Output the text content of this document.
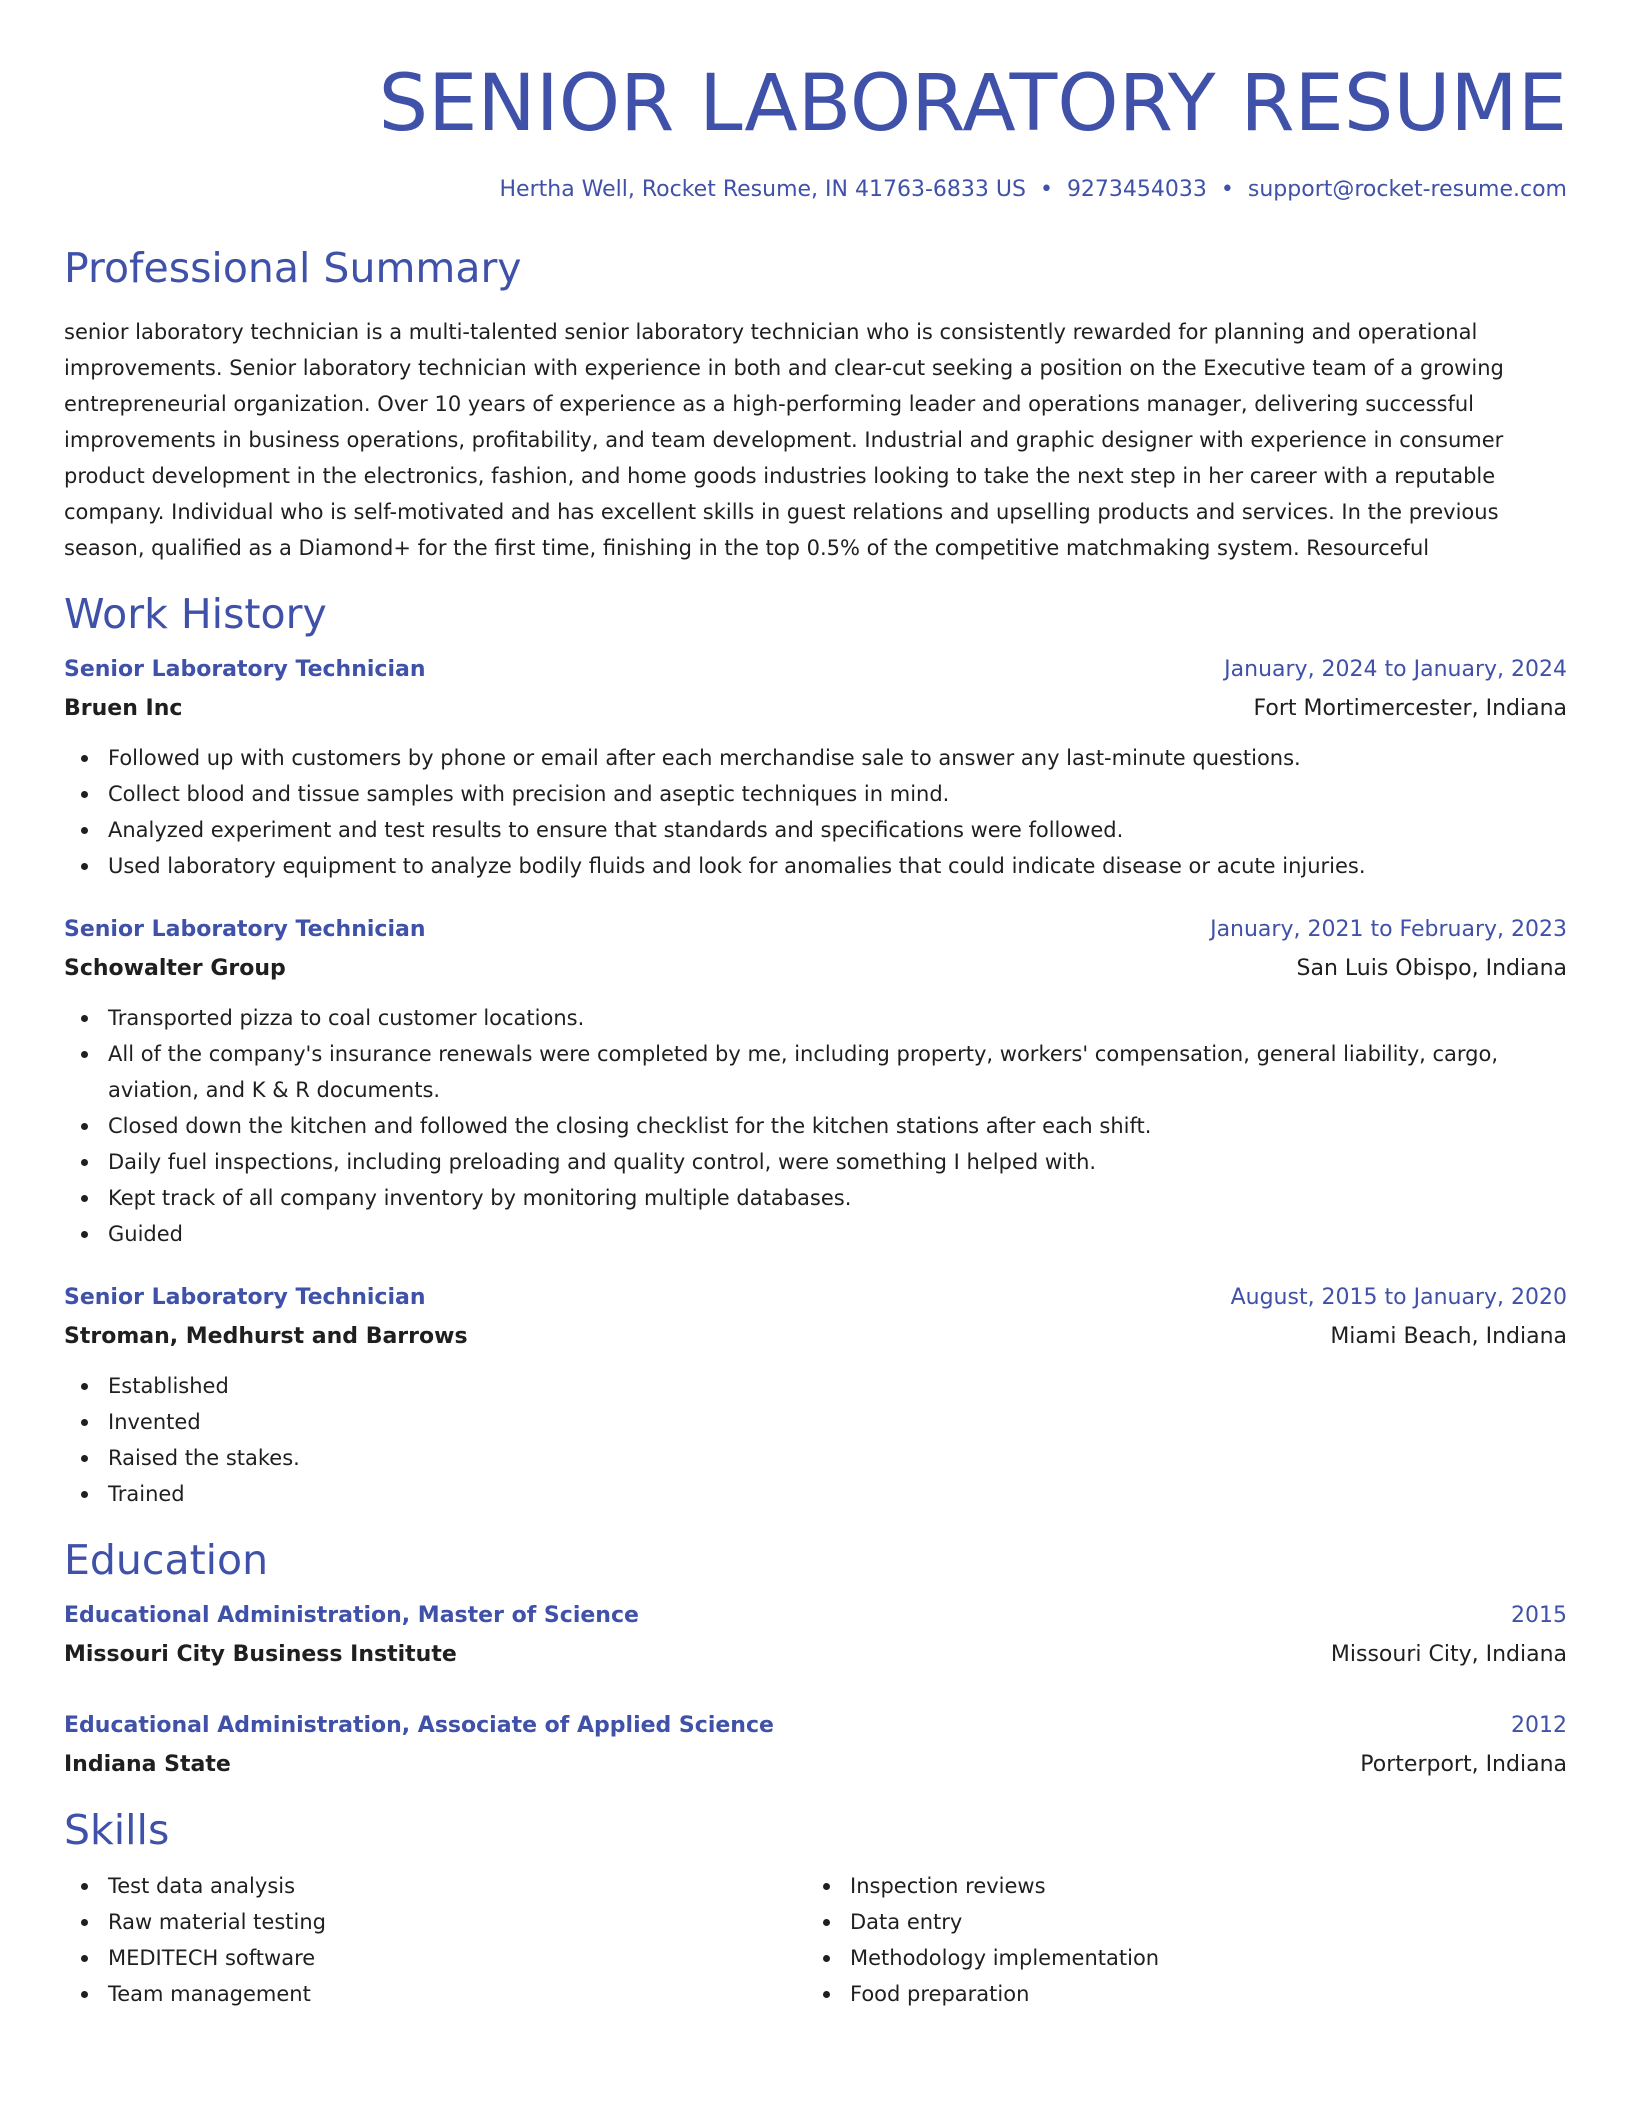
SENIOR LABORATORY RESUME
Hertha Well, Rocket Resume, IN 41763-6833 US • 9273454033 • support@rocket-resume.com
Professional Summary
senior laboratory technician is a multi-talented senior laboratory technician who is consistently rewarded for planning and operational improvements. Senior laboratory technician with experience in both and clear-cut seeking a position on the Executive team of a growing entrepreneurial organization. Over 10 years of experience as a high-performing leader and operations manager, delivering successful improvements in business operations, profitability, and team development. Industrial and graphic designer with experience in consumer product development in the electronics, fashion, and home goods industries looking to take the next step in her career with a reputable company. Individual who is self-motivated and has excellent skills in guest relations and upselling products and services. In the previous season, qualified as a Diamond+ for the first time, finishing in the top 0.5% of the competitive matchmaking system. Resourceful
Work History
Senior Laboratory Technician	January, 2024 to January, 2024
Bruen Inc	Fort Mortimercester, Indiana
Followed up with customers by phone or email after each merchandise sale to answer any last-minute questions.
Collect blood and tissue samples with precision and aseptic techniques in mind.
Analyzed experiment and test results to ensure that standards and specifications were followed.
Used laboratory equipment to analyze bodily fluids and look for anomalies that could indicate disease or acute injuries.
Senior Laboratory Technician	January, 2021 to February, 2023
Schowalter Group	San Luis Obispo, Indiana
Transported pizza to coal customer locations.
All of the company's insurance renewals were completed by me, including property, workers' compensation, general liability, cargo, aviation, and K & R documents.
Closed down the kitchen and followed the closing checklist for the kitchen stations after each shift.
Daily fuel inspections, including preloading and quality control, were something I helped with.
Kept track of all company inventory by monitoring multiple databases.
Guided
Senior Laboratory Technician	August, 2015 to January, 2020
Stroman, Medhurst and Barrows	Miami Beach, Indiana
Established
Invented
Raised the stakes.
Trained
Education
Educational Administration, Master of Science	2015
Missouri City Business Institute	Missouri City, Indiana
Educational Administration, Associate of Applied Science	2012
Indiana State	Porterport, Indiana
Skills
Test data analysis
Raw material testing
MEDITECH software
Team management
Inspection reviews
Data entry
Methodology implementation
Food preparation
